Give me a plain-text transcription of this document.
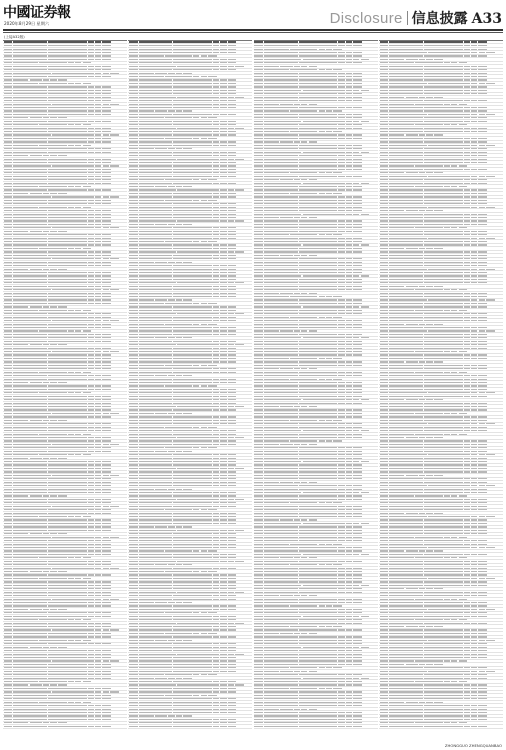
中國证券報
2020年8月29日 星期六	Disclosure 信息披露 A33
(上接A32版)
ZHONGGUO ZHENGQUANBAO
